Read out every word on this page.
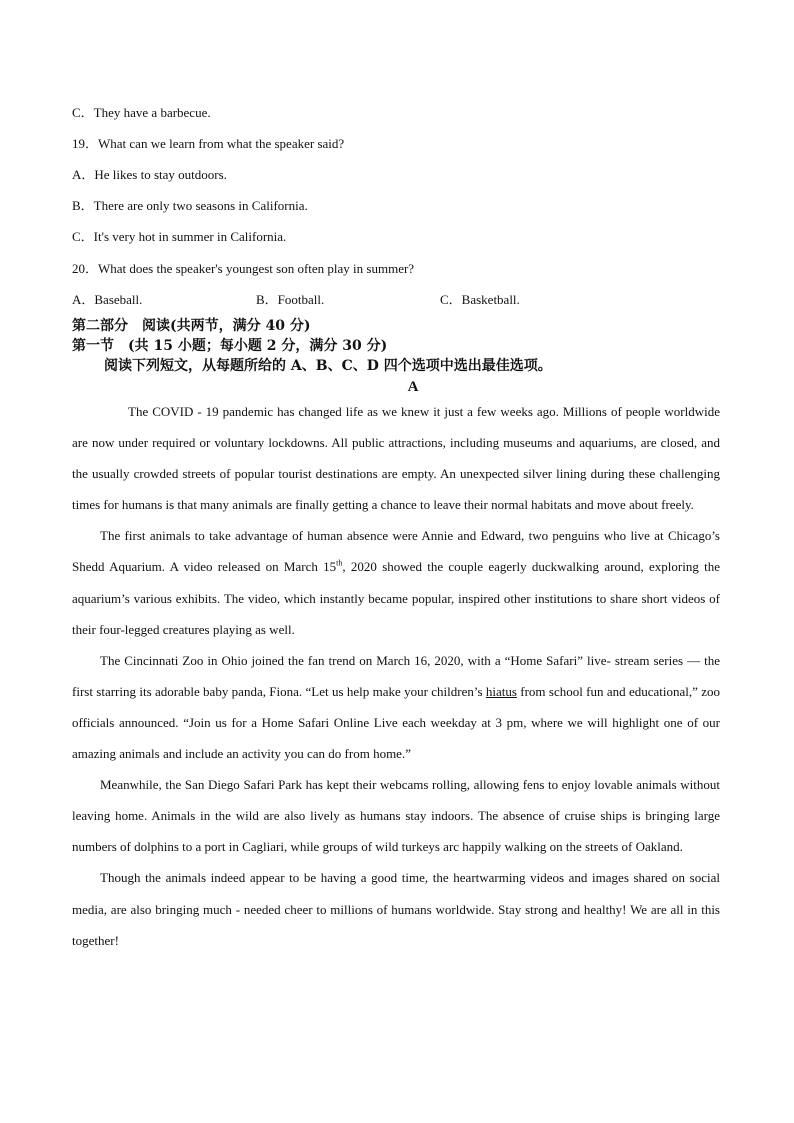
C．They have a barbecue.
19．What can we learn from what the speaker said?
A．He likes to stay outdoors.
B．There are only two seasons in California.
C．It's very hot in summer in California.
20．What does the speaker's youngest son often play in summer?
A．Baseball.	B．Football.	C．Basketball.
第二部分　阅读(共两节，满分 40 分)
第一节　(共 15 小题；每小题 2 分，满分 30 分)
阅读下列短文，从每题所给的 A、B、C、D 四个选项中选出最佳选项。
A

The COVID - 19 pandemic has changed life as we knew it just a few weeks ago. Millions of people worldwide are now under required or voluntary lockdowns. All public attractions, including museums and aquariums, are closed, and the usually crowded streets of popular tourist destinations are empty. An unexpected silver lining during these challenging times for humans is that many animals are finally getting a chance to leave their normal habitats and move about freely.

The first animals to take advantage of human absence were Annie and Edward, two penguins who live at Chicago’s Shedd Aquarium. A video released on March 15th, 2020 showed the couple eagerly duckwalking around, exploring the aquarium’s various exhibits. The video, which instantly became popular, inspired other institutions to share short videos of their four-legged creatures playing as well.

The Cincinnati Zoo in Ohio joined the fan trend on March 16, 2020, with a “Home Safari” live- stream series — the first starring its adorable baby panda, Fiona. “Let us help make your children’s hiatus from school fun and educational,” zoo officials announced. “Join us for a Home Safari Online Live each weekday at 3 pm, where we will highlight one of our amazing animals and include an activity you can do from home.”

Meanwhile, the San Diego Safari Park has kept their webcams rolling, allowing fens to enjoy lovable animals without leaving home. Animals in the wild are also lively as humans stay indoors. The absence of cruise ships is bringing large numbers of dolphins to a port in Cagliari, while groups of wild turkeys arc happily walking on the streets of Oakland.

Though the animals indeed appear to be having a good time, the heartwarming videos and images shared on social media, are also bringing much - needed cheer to millions of humans worldwide. Stay strong and healthy! We are all in this together!
